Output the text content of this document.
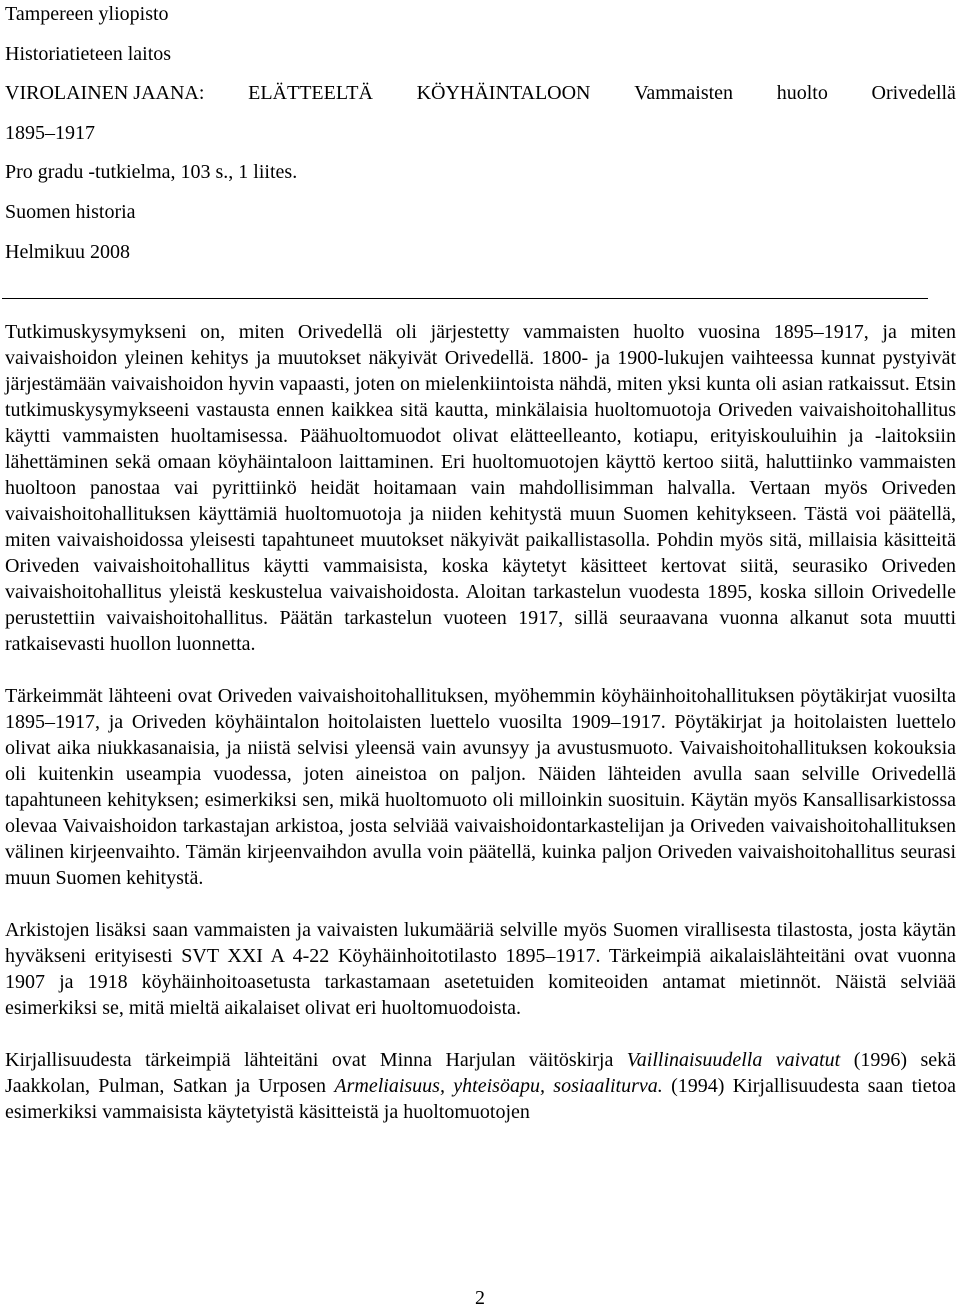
Tampereen yliopisto
Historiatieteen laitos
VIROLAINEN JAANA: ELÄTTEELTÄ KÖYHÄINTALOON Vammaisten huolto Orivedellä
1895–1917
Pro gradu -tutkielma, 103 s., 1 liites.
Suomen historia
Helmikuu 2008

Tutkimuskysymykseni on, miten Orivedellä oli järjestetty vammaisten huolto vuosina 1895–1917, ja miten vaivaishoidon yleinen kehitys ja muutokset näkyivät Orivedellä. 1800- ja 1900-lukujen vaihteessa kunnat pystyivät järjestämään vaivaishoidon hyvin vapaasti, joten on mielenkiintoista nähdä, miten yksi kunta oli asian ratkaissut. Etsin tutkimuskysymykseeni vastausta ennen kaikkea sitä kautta, minkälaisia huoltomuotoja Oriveden vaivaishoitohallitus käytti vammaisten huoltamisessa. Päähuoltomuodot olivat elätteelleanto, kotiapu, erityiskouluihin ja -laitoksiin lähettäminen sekä omaan köyhäintaloon laittaminen. Eri huoltomuotojen käyttö kertoo siitä, haluttiinko vammaisten huoltoon panostaa vai pyrittiinkö heidät hoitamaan vain mahdollisimman halvalla. Vertaan myös Oriveden vaivaishoitohallituksen käyttämiä huoltomuotoja ja niiden kehitystä muun Suomen kehitykseen. Tästä voi päätellä, miten vaivaishoidossa yleisesti tapahtuneet muutokset näkyivät paikallistasolla. Pohdin myös sitä, millaisia käsitteitä Oriveden vaivaishoitohallitus käytti vammaisista, koska käytetyt käsitteet kertovat siitä, seurasiko Oriveden vaivaishoitohallitus yleistä keskustelua vaivaishoidosta. Aloitan tarkastelun vuodesta 1895, koska silloin Orivedelle perustettiin vaivaishoitohallitus. Päätän tarkastelun vuoteen 1917, sillä seuraavana vuonna alkanut sota muutti ratkaisevasti huollon luonnetta.

Tärkeimmät lähteeni ovat Oriveden vaivaishoitohallituksen, myöhemmin köyhäinhoitohallituksen pöytäkirjat vuosilta 1895–1917, ja Oriveden köyhäintalon hoitolaisten luettelo vuosilta 1909–1917. Pöytäkirjat ja hoitolaisten luettelo olivat aika niukkasanaisia, ja niistä selvisi yleensä vain avunsyy ja avustusmuoto. Vaivaishoitohallituksen kokouksia oli kuitenkin useampia vuodessa, joten aineistoa on paljon. Näiden lähteiden avulla saan selville Orivedellä tapahtuneen kehityksen; esimerkiksi sen, mikä huoltomuoto oli milloinkin suosituin. Käytän myös Kansallisarkistossa olevaa Vaivaishoidon tarkastajan arkistoa, josta selviää vaivaishoidontarkastelijan ja Oriveden vaivaishoitohallituksen välinen kirjeenvaihto. Tämän kirjeenvaihdon avulla voin päätellä, kuinka paljon Oriveden vaivaishoitohallitus seurasi muun Suomen kehitystä.

Arkistojen lisäksi saan vammaisten ja vaivaisten lukumääriä selville myös Suomen virallisesta tilastosta, josta käytän hyväkseni erityisesti SVT XXI A 4-22 Köyhäinhoitotilasto 1895–1917. Tärkeimpiä aikalaislähteitäni ovat vuonna 1907 ja 1918 köyhäinhoitoasetusta tarkastamaan asetetuiden komiteoiden antamat mietinnöt. Näistä selviää esimerkiksi se, mitä mieltä aikalaiset olivat eri huoltomuodoista.

Kirjallisuudesta tärkeimpiä lähteitäni ovat Minna Harjulan väitöskirja Vaillinaisuudella vaivatut (1996) sekä Jaakkolan, Pulman, Satkan ja Urposen Armeliaisuus, yhteisöapu, sosiaaliturva. (1994) Kirjallisuudesta saan tietoa esimerkiksi vammaisista käytetyistä käsitteistä ja huoltomuotojen

2
